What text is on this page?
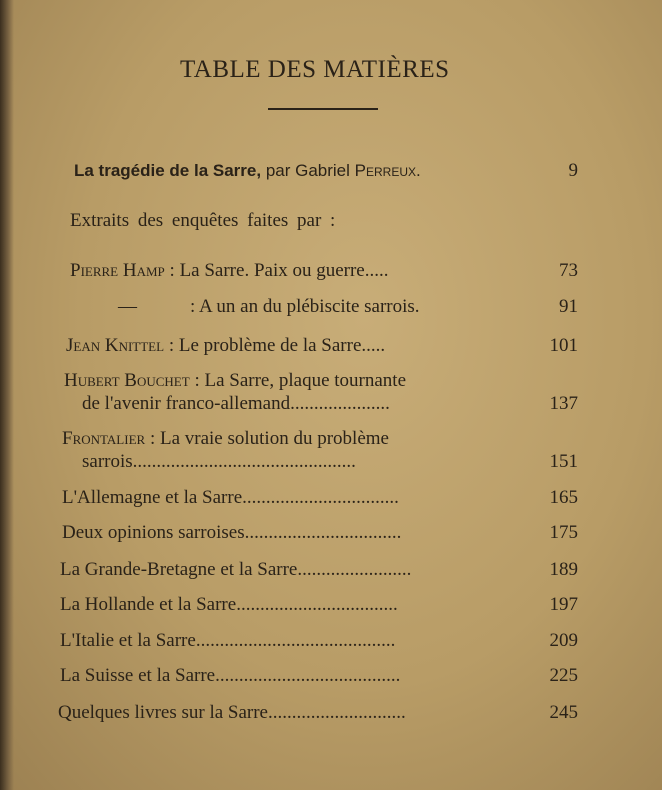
TABLE DES MATIÈRES
La tragédie de la Sarre, par Gabriel Perreux.	9
Extraits des enquêtes faites par :
Pierre Hamp : La Sarre. Paix ou guerre.....	73
—	: A un an du plébiscite sarrois.	91
Jean Knittel : Le problème de la Sarre.....	101
Hubert Bouchet : La Sarre, plaque tournante
de l'avenir franco-allemand.....................	137
Frontalier : La vraie solution du problème
sarrois...............................................	151
L'Allemagne et la Sarre.................................	165
Deux opinions sarroises.................................	175
La Grande-Bretagne et la Sarre........................	189
La Hollande et la Sarre..................................	197
L'Italie et la Sarre..........................................	209
La Suisse et la Sarre.......................................	225
Quelques livres sur la Sarre.............................	245
